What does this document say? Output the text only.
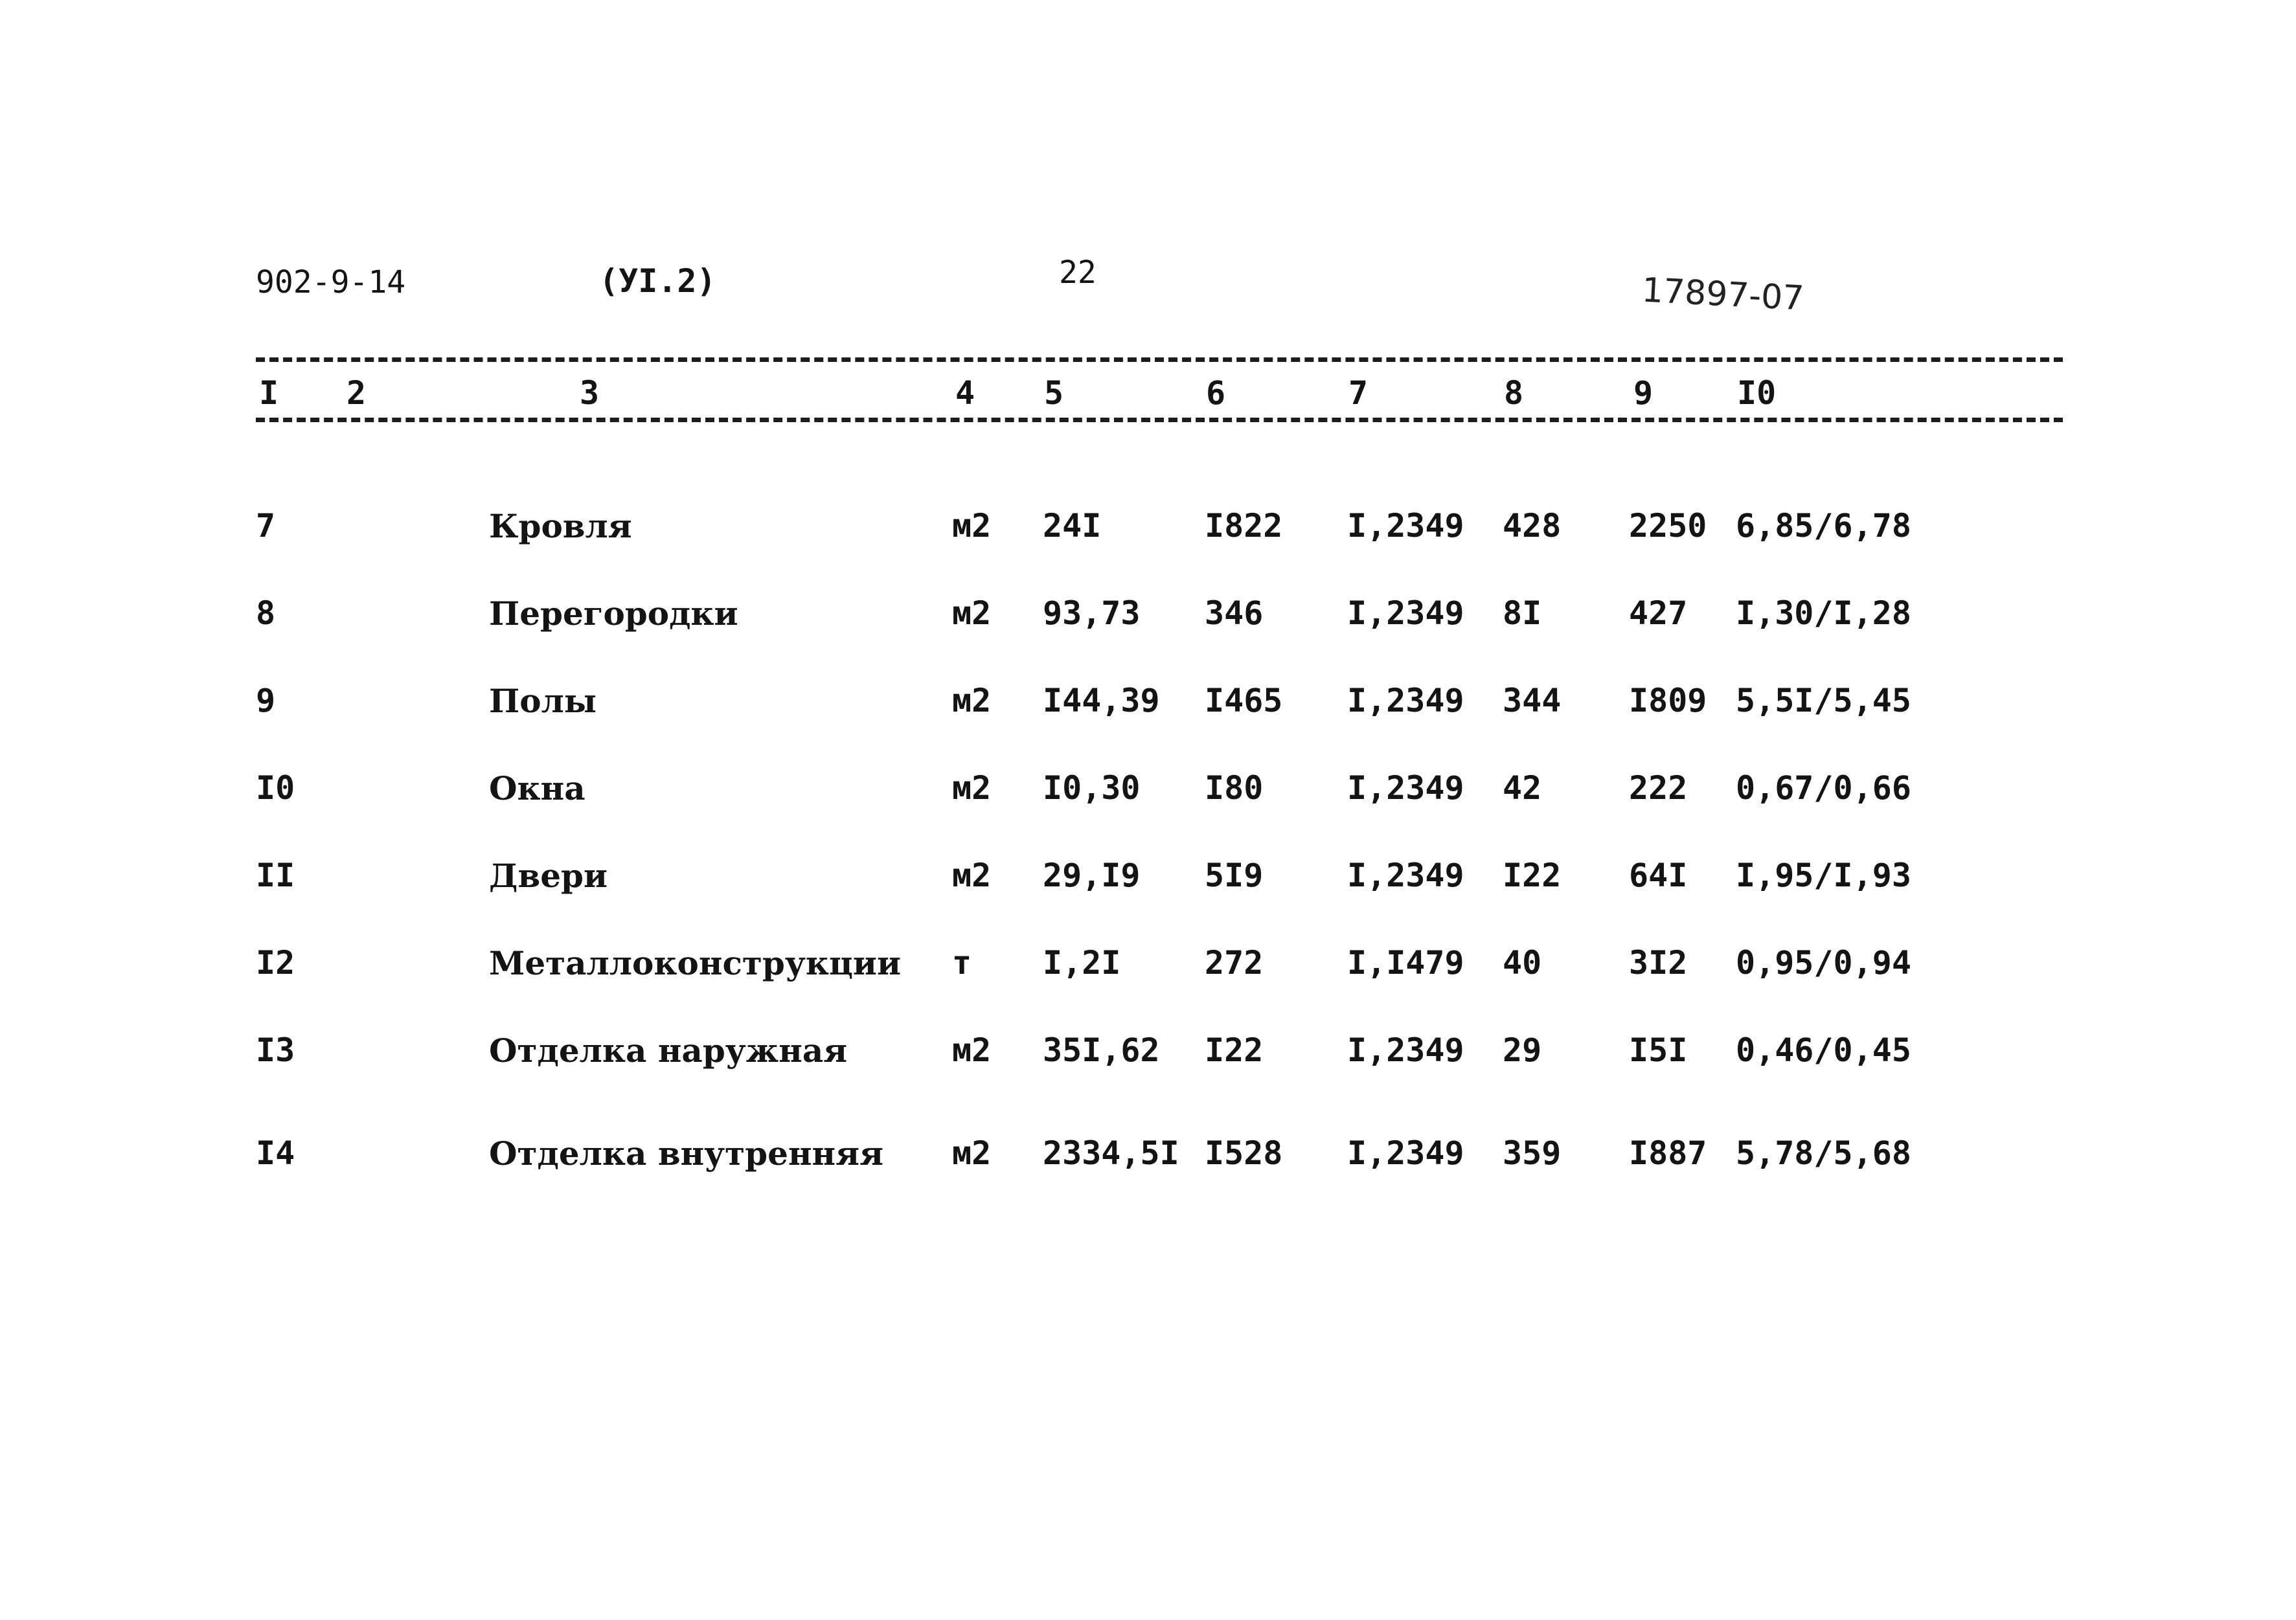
902-9-14	(УI.2)	22	17897-07
I 2	3	4 5	6	7	8	9	I0
7	Кровля	м2 24I	I822 I,2349 428 2250 6,85/6,78
8	Перегородки	м2 93,73 346	I,2349 8I	427 I,30/I,28
9	Полы	м2 I44,39 I465 I,2349 344 I809 5,5I/5,45
I0	Окна	м2 I0,30 I80	I,2349 42	222 0,67/0,66
II	Двери	м2 29,I9 5I9	I,2349 I22 64I I,95/I,93
I2	Металлоконструкции т I,2I	272	I,I479 40	3I2 0,95/0,94
I3	Отделка наружная	м2 35I,62 I22	I,2349 29	I5I 0,46/0,45
I4	Отделка внутренняя м2 2334,5I I528 I,2349 359 I887 5,78/5,68
